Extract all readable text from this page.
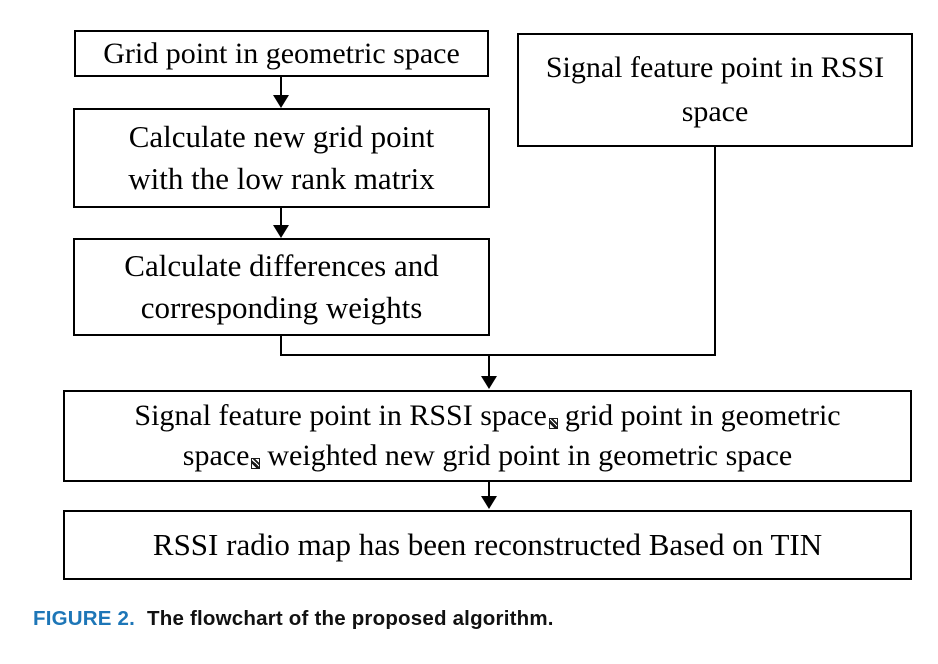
Grid point in geometric space
Calculate new grid point
with the low rank matrix
Calculate differences and
corresponding weights
Signal feature point in RSSI
space
Signal feature point in RSSI space grid point in geometric
space weighted new grid point in geometric space
RSSI radio map has been reconstructed Based on TIN
FIGURE 2. The flowchart of the proposed algorithm.
